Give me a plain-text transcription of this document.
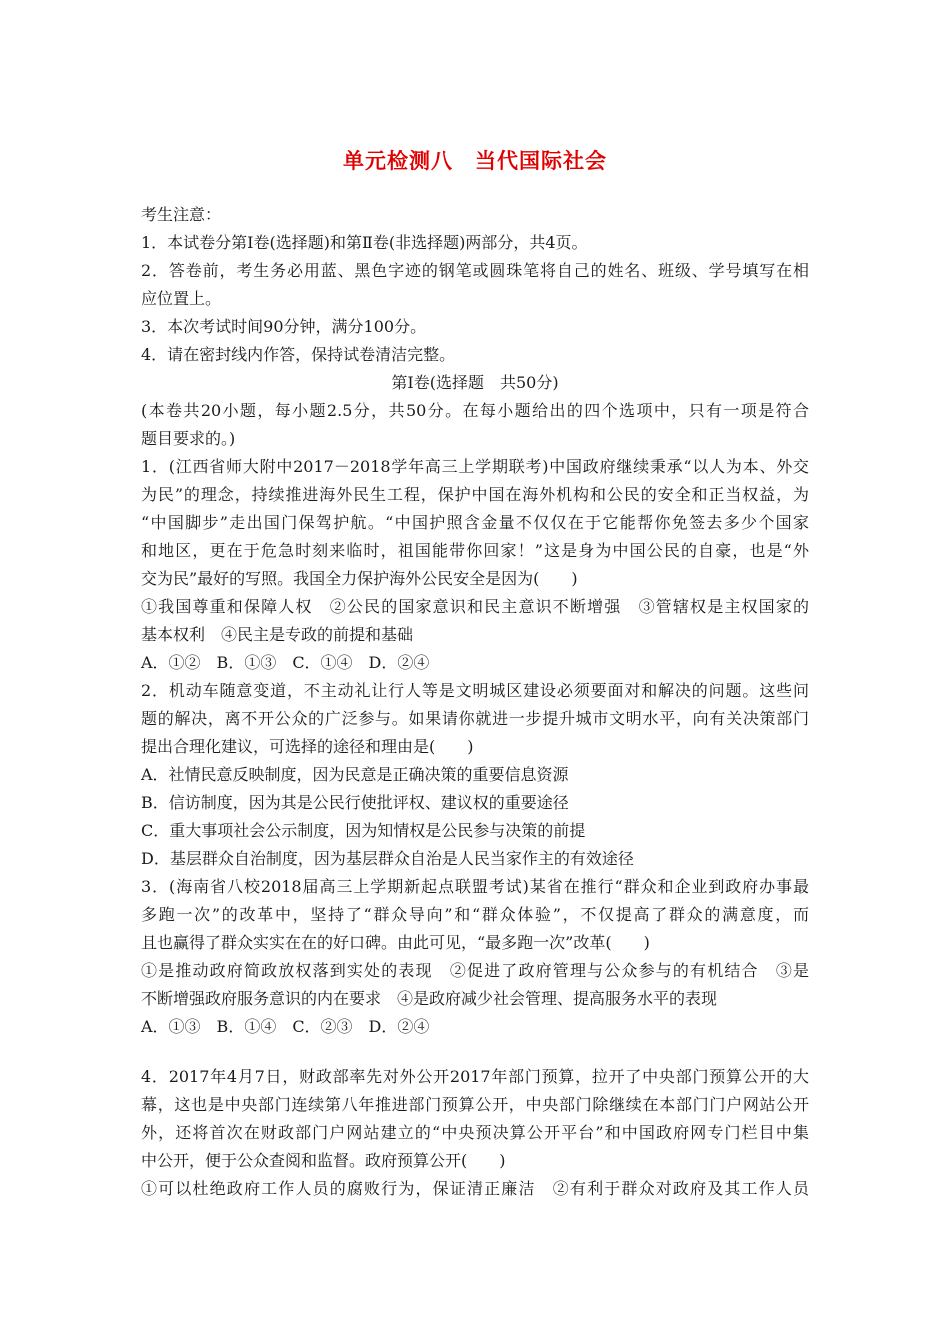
单元检测八　当代国际社会
考生注意：
1．本试卷分第Ⅰ卷(选择题)和第Ⅱ卷(非选择题)两部分，共4页。
2．答卷前，考生务必用蓝、黑色字迹的钢笔或圆珠笔将自己的姓名、班级、学号填写在相
应位置上。
3．本次考试时间90分钟，满分100分。
4．请在密封线内作答，保持试卷清洁完整。
第Ⅰ卷(选择题　共50分)
(本卷共20小题，每小题2.5分，共50分。在每小题给出的四个选项中，只有一项是符合
题目要求的。)
1．(江西省师大附中2017－2018学年高三上学期联考)中国政府继续秉承“以人为本、外交
为民”的理念，持续推进海外民生工程，保护中国在海外机构和公民的安全和正当权益，为
“中国脚步”走出国门保驾护航。“中国护照含金量不仅仅在于它能帮你免签去多少个国家
和地区，更在于危急时刻来临时，祖国能带你回家！”这是身为中国公民的自豪，也是“外
交为民”最好的写照。我国全力保护海外公民安全是因为(　　)
①我国尊重和保障人权　②公民的国家意识和民主意识不断增强　③管辖权是主权国家的
基本权利　④民主是专政的前提和基础
A．①②　B．①③　C．①④　D．②④
2．机动车随意变道，不主动礼让行人等是文明城区建设必须要面对和解决的问题。这些问
题的解决，离不开公众的广泛参与。如果请你就进一步提升城市文明水平，向有关决策部门
提出合理化建议，可选择的途径和理由是(　　)
A．社情民意反映制度，因为民意是正确决策的重要信息资源
B．信访制度，因为其是公民行使批评权、建议权的重要途径
C．重大事项社会公示制度，因为知情权是公民参与决策的前提
D．基层群众自治制度，因为基层群众自治是人民当家作主的有效途径
3．(海南省八校2018届高三上学期新起点联盟考试)某省在推行“群众和企业到政府办事最
多跑一次”的改革中，坚持了“群众导向”和“群众体验”，不仅提高了群众的满意度，而
且也赢得了群众实实在在的好口碑。由此可见，“最多跑一次”改革(　　)
①是推动政府简政放权落到实处的表现　②促进了政府管理与公众参与的有机结合　③是
不断增强政府服务意识的内在要求　④是政府减少社会管理、提高服务水平的表现
A．①③　B．①④　C．②③　D．②④
4．2017年4月7日，财政部率先对外公开2017年部门预算，拉开了中央部门预算公开的大
幕，这也是中央部门连续第八年推进部门预算公开，中央部门除继续在本部门门户网站公开
外，还将首次在财政部门户网站建立的“中央预决算公开平台”和中国政府网专门栏目中集
中公开，便于公众查阅和监督。政府预算公开(　　)
①可以杜绝政府工作人员的腐败行为，保证清正廉洁　②有利于群众对政府及其工作人员
